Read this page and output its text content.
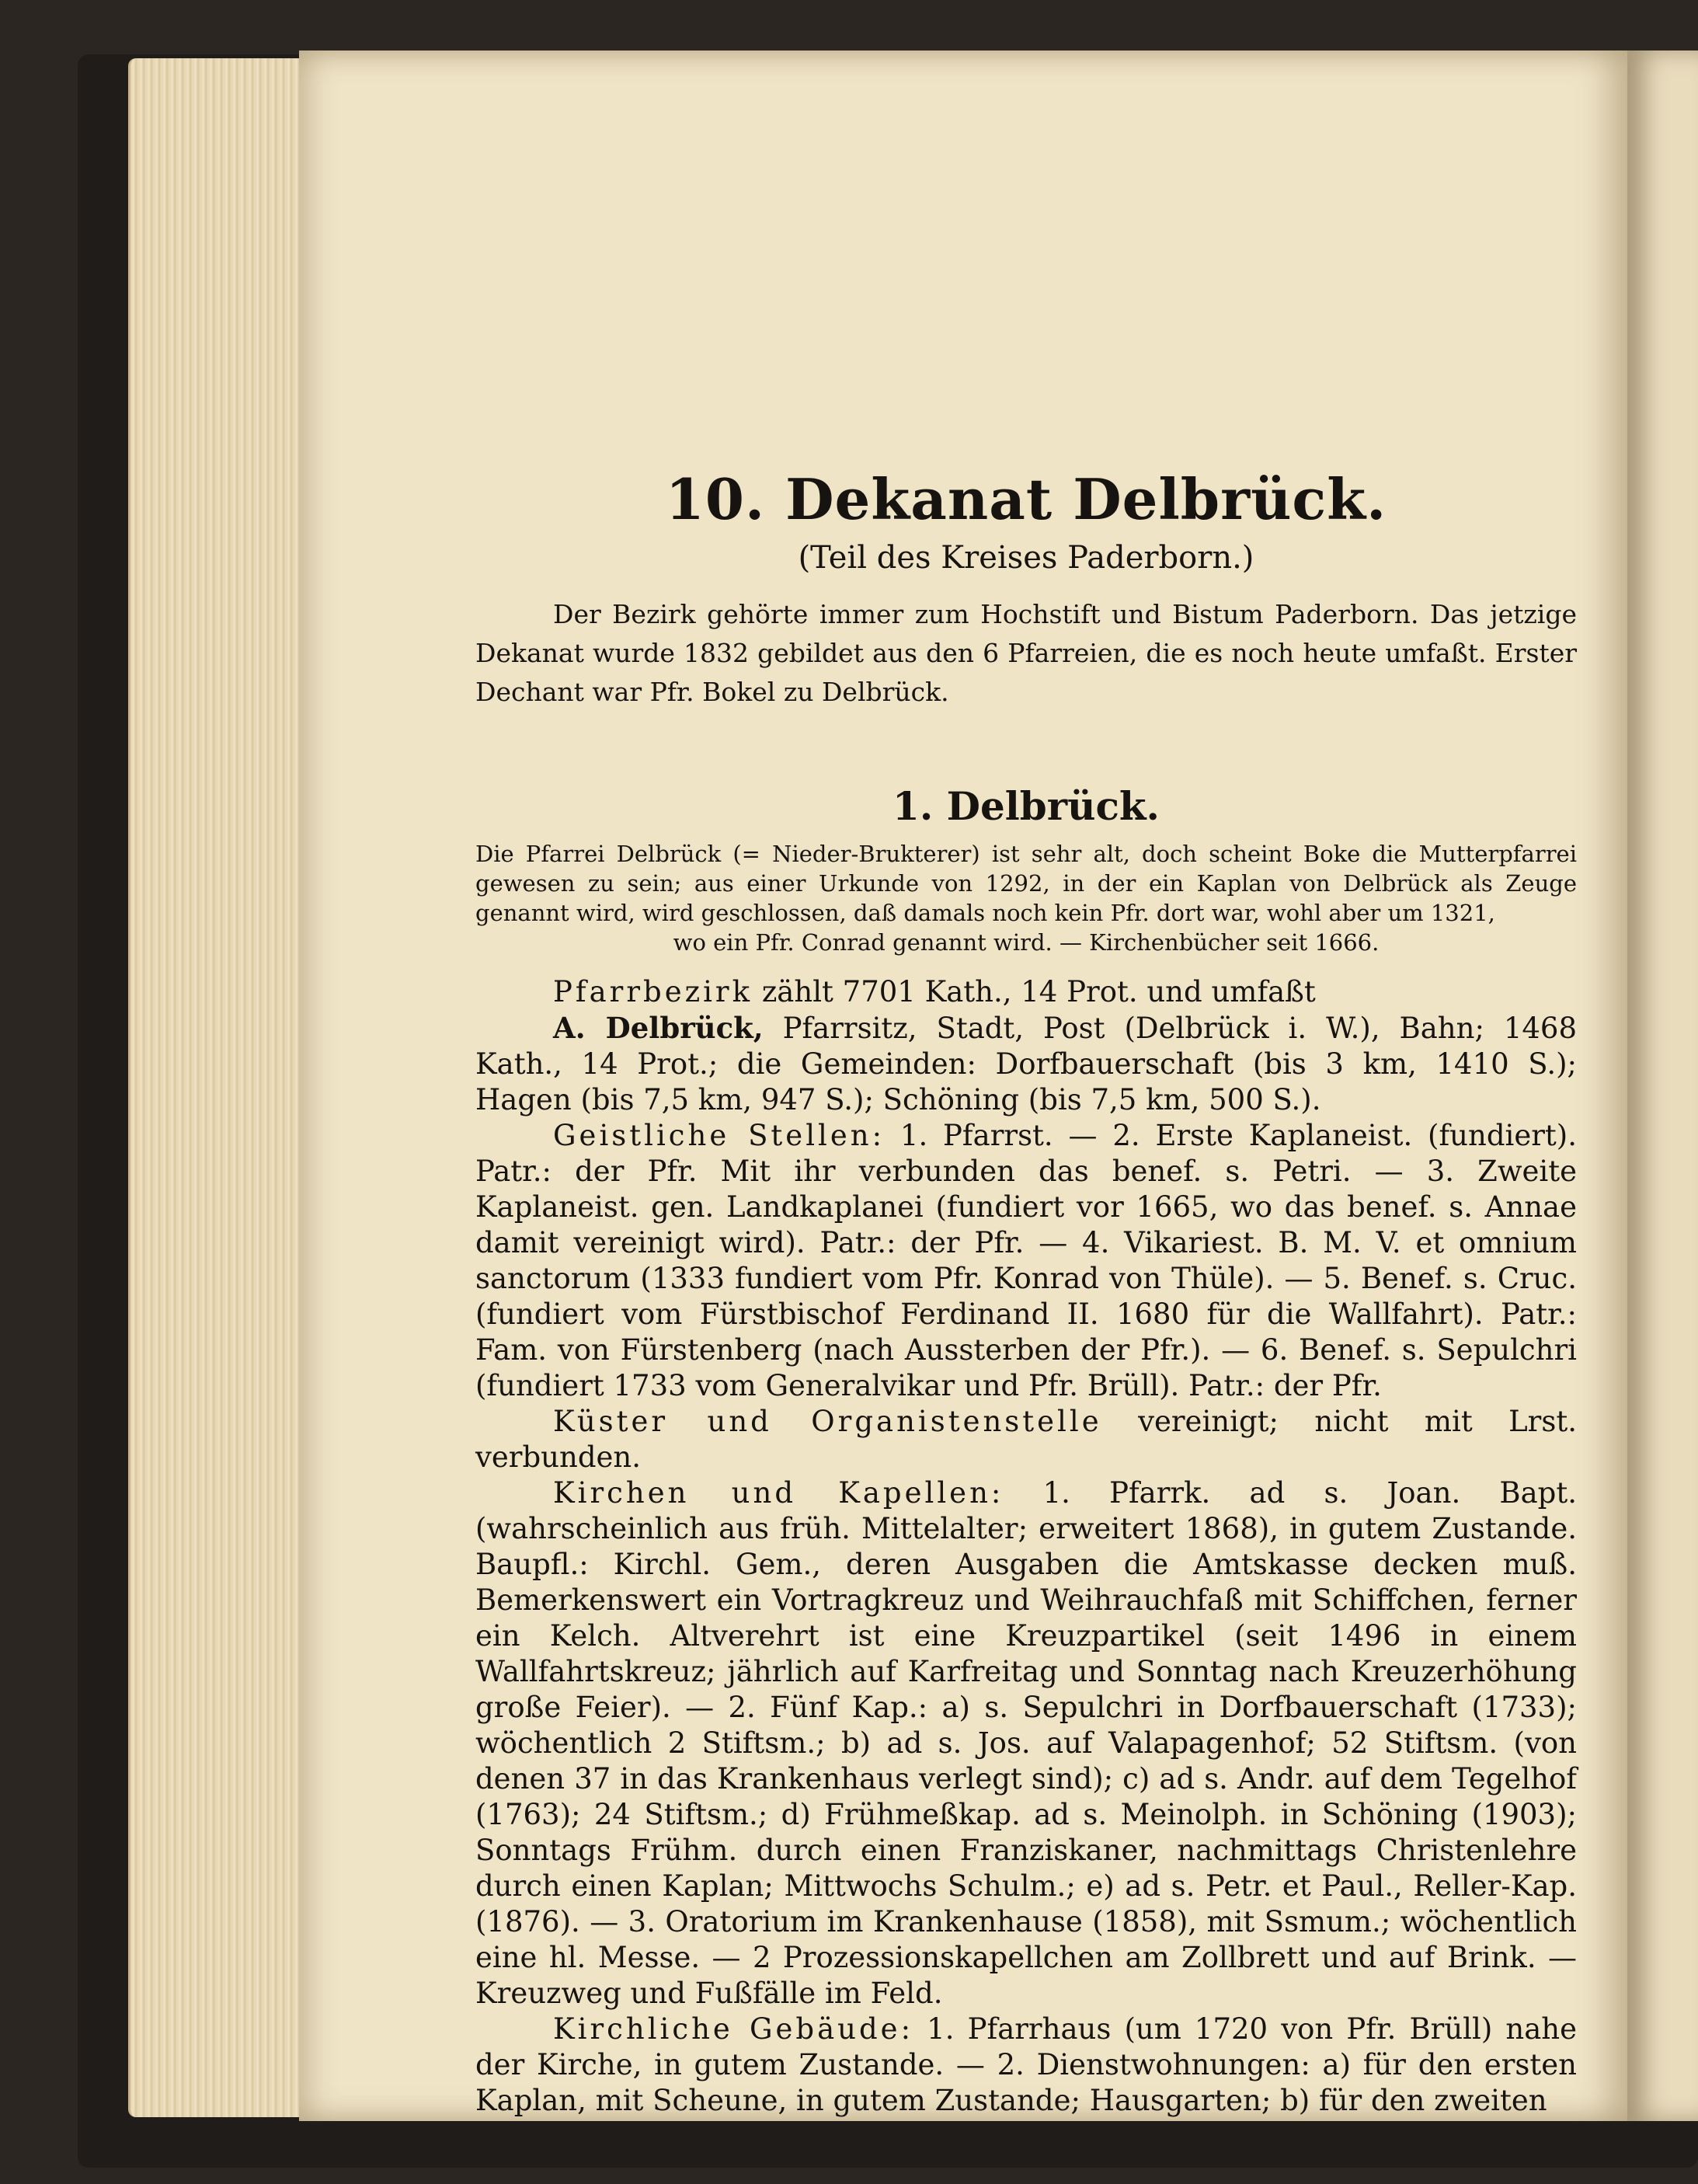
10. Dekanat Delbrück.
(Teil des Kreises Paderborn.)

Der Bezirk gehörte immer zum Hochstift und Bistum Paderborn. Das jetzige Dekanat wurde 1832 gebildet aus den 6 Pfarreien, die es noch heute umfaßt. Erster Dechant war Pfr. Bokel zu Delbrück.

1. Delbrück.

Die Pfarrei Delbrück (= Nieder-Brukterer) ist sehr alt, doch scheint Boke die Mutterpfarrei gewesen zu sein; aus einer Urkunde von 1292, in der ein Kaplan von Delbrück als Zeuge genannt wird, wird geschlossen, daß damals noch kein Pfr. dort war, wohl aber um 1321,
wo ein Pfr. Conrad genannt wird. — Kirchenbücher seit 1666.

Pfarrbezirk zählt 7701 Kath., 14 Prot. und umfaßt

A. Delbrück, Pfarrsitz, Stadt, Post (Delbrück i. W.), Bahn; 1468 Kath., 14 Prot.; die Gemeinden: Dorfbauerschaft (bis 3 km, 1410 S.); Hagen (bis 7,5 km, 947 S.); Schöning (bis 7,5 km, 500 S.).

Geistliche Stellen: 1. Pfarrst. — 2. Erste Kaplaneist. (fundiert). Patr.: der Pfr. Mit ihr verbunden das benef. s. Petri. — 3. Zweite Kaplaneist. gen. Landkaplanei (fundiert vor 1665, wo das benef. s. Annae damit vereinigt wird). Patr.: der Pfr. — 4. Vikariest. B. M. V. et omnium sanctorum (1333 fundiert vom Pfr. Konrad von Thüle). — 5. Benef. s. Cruc. (fundiert vom Fürstbischof Ferdinand II. 1680 für die Wallfahrt). Patr.: Fam. von Fürstenberg (nach Aussterben der Pfr.). — 6. Benef. s. Sepulchri (fundiert 1733 vom Generalvikar und Pfr. Brüll). Patr.: der Pfr.

Küster und Organistenstelle vereinigt; nicht mit Lrst. verbunden.

Kirchen und Kapellen: 1. Pfarrk. ad s. Joan. Bapt. (wahrscheinlich aus früh. Mittelalter; erweitert 1868), in gutem Zustande. Baupfl.: Kirchl. Gem., deren Ausgaben die Amtskasse decken muß. Bemerkenswert ein Vortragkreuz und Weihrauchfaß mit Schiffchen, ferner ein Kelch. Altverehrt ist eine Kreuzpartikel (seit 1496 in einem Wallfahrtskreuz; jährlich auf Karfreitag und Sonntag nach Kreuzerhöhung große Feier). — 2. Fünf Kap.: a) s. Sepulchri in Dorfbauerschaft (1733); wöchentlich 2 Stiftsm.; b) ad s. Jos. auf Valapagenhof; 52 Stiftsm. (von denen 37 in das Krankenhaus verlegt sind); c) ad s. Andr. auf dem Tegelhof (1763); 24 Stiftsm.; d) Frühmeßkap. ad s. Meinolph. in Schöning (1903); Sonntags Frühm. durch einen Franziskaner, nachmittags Christenlehre durch einen Kaplan; Mittwochs Schulm.; e) ad s. Petr. et Paul., Reller-Kap. (1876). — 3. Oratorium im Krankenhause (1858), mit Ssmum.; wöchentlich eine hl. Messe. — 2 Prozessionskapellchen am Zollbrett und auf Brink. — Kreuzweg und Fußfälle im Feld.

Kirchliche Gebäude: 1. Pfarrhaus (um 1720 von Pfr. Brüll) nahe der Kirche, in gutem Zustande. — 2. Dienstwohnungen: a) für den ersten Kaplan, mit Scheune, in gutem Zustande; Hausgarten; b) für den zweiten
